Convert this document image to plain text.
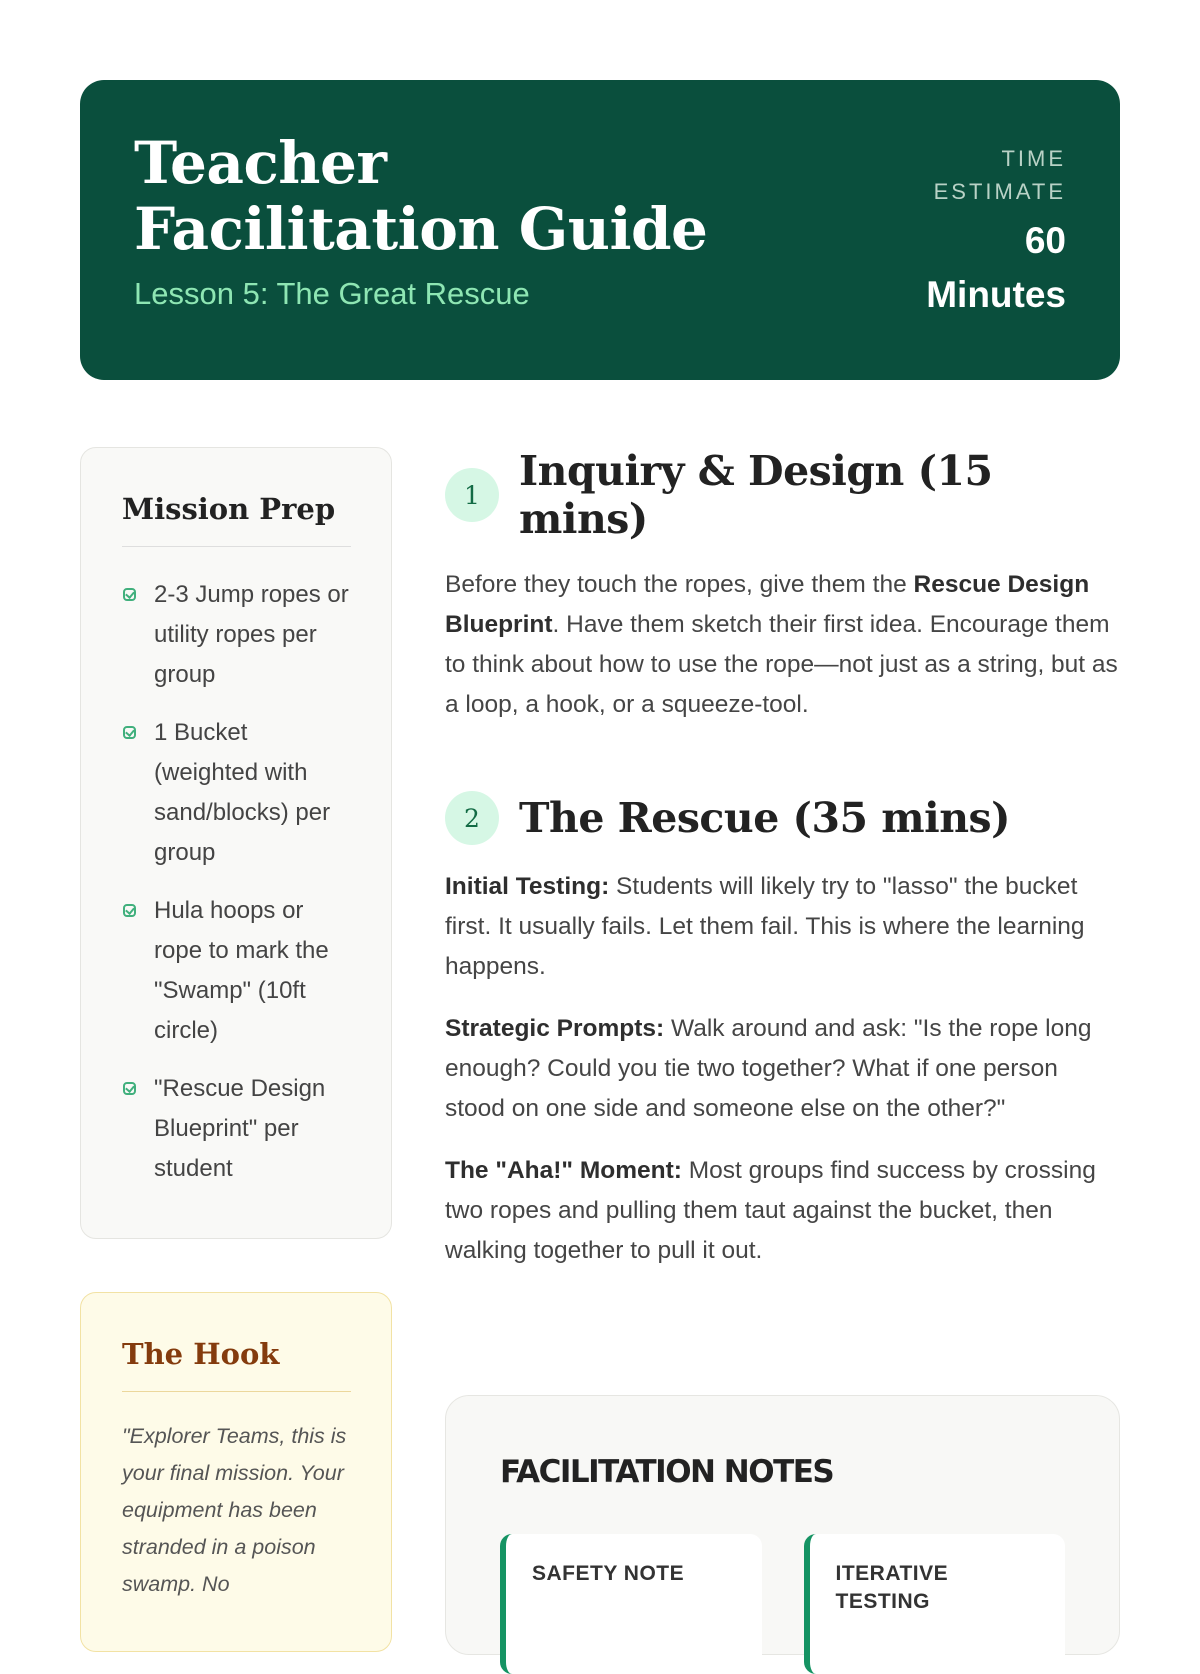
Teacher Facilitation Guide
Lesson 5: The Great Rescue
TIME ESTIMATE
60 Minutes
Mission Prep
2-3 Jump ropes or utility ropes per group
1 Bucket (weighted with sand/blocks) per group
Hula hoops or rope to mark the "Swamp" (10ft circle)
"Rescue Design Blueprint" per student
The Hook

"Explorer Teams, this is your final mission. Your equipment has been stranded in a poison swamp. No

1 Inquiry & Design (15 mins)

Before they touch the ropes, give them the Rescue Design Blueprint. Have them sketch their first idea. Encourage them to think about how to use the rope—not just as a string, but as a loop, a hook, or a squeeze-tool.

2 The Rescue (35 mins)

Initial Testing: Students will likely try to "lasso" the bucket first. It usually fails. Let them fail. This is where the learning happens.

Strategic Prompts: Walk around and ask: "Is the rope long enough? Could you tie two together? What if one person stood on one side and someone else on the other?"

The "Aha!" Moment: Most groups find success by crossing two ropes and pulling them taut against the bucket, then walking together to pull it out.

FACILITATION NOTES
SAFETY NOTE	ITERATIVE TESTING
